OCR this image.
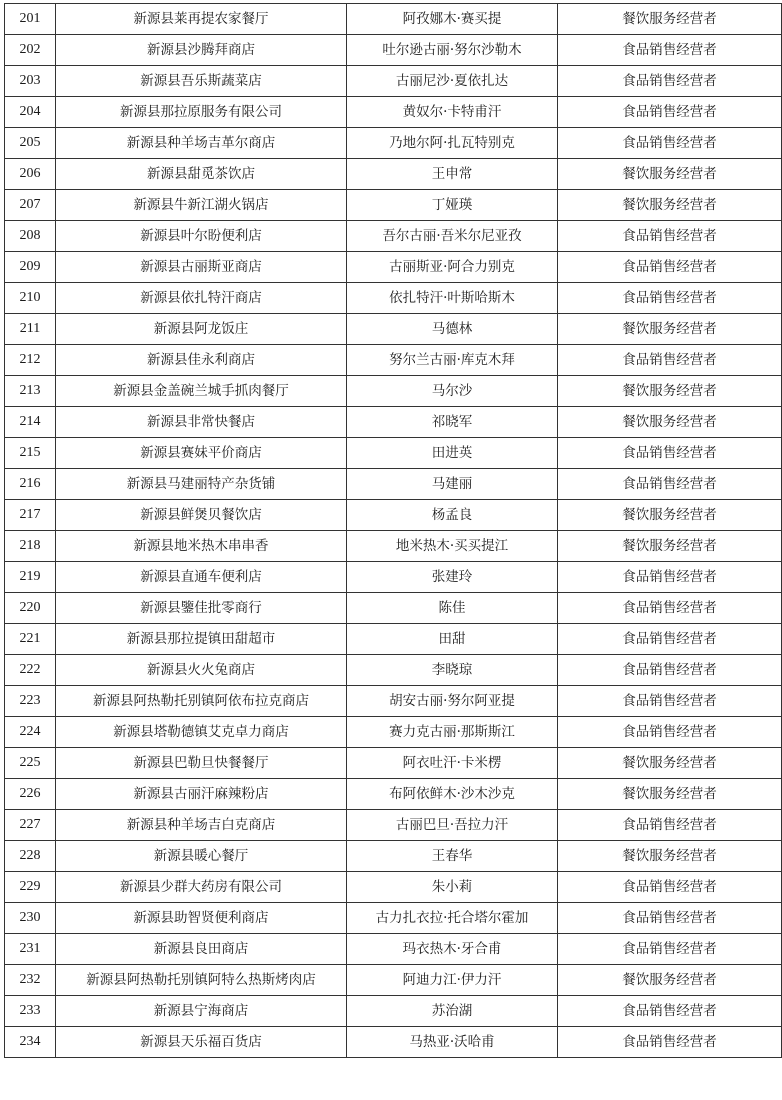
201	新源县莱再提农家餐厅	阿孜娜木·赛买提	餐饮服务经营者
202	新源县沙腾拜商店	吐尔逊古丽·努尔沙勒木	食品销售经营者
203	新源县吾乐斯蔬菜店	古丽尼沙·夏依扎达	食品销售经营者
204	新源县那拉原服务有限公司	黄奴尔·卡特甫汗	食品销售经营者
205	新源县种羊场吉革尔商店	乃地尔阿·扎瓦特别克	食品销售经营者
206	新源县甜觅茶饮店	王申常	餐饮服务经营者
207	新源县牛新江湖火锅店	丁娅瑛	餐饮服务经营者
208	新源县叶尔盼便利店	吾尔古丽·吾米尔尼亚孜	食品销售经营者
209	新源县古丽斯亚商店	古丽斯亚·阿合力别克	食品销售经营者
210	新源县依扎特汗商店	依扎特汗·叶斯哈斯木	食品销售经营者
211	新源县阿龙饭庄	马德林	餐饮服务经营者
212	新源县佳永利商店	努尔兰古丽·库克木拜	食品销售经营者
213	新源县金盖碗兰城手抓肉餐厅	马尔沙	餐饮服务经营者
214	新源县非常快餐店	祁晓军	餐饮服务经营者
215	新源县赛妹平价商店	田进英	食品销售经营者
216	新源县马建丽特产杂货铺	马建丽	食品销售经营者
217	新源县鲜煲贝餐饮店	杨孟良	餐饮服务经营者
218	新源县地米热木串串香	地米热木·买买提江	餐饮服务经营者
219	新源县直通车便利店	张建玲	食品销售经营者
220	新源县鑒佳批零商行	陈佳	食品销售经营者
221	新源县那拉提镇田甜超市	田甜	食品销售经营者
222	新源县火火兔商店	李晓琼	食品销售经营者
223	新源县阿热勒托别镇阿依布拉克商店	胡安古丽·努尔阿亚提	食品销售经营者
224	新源县塔勒德镇艾克卓力商店	赛力克古丽·那斯斯江	食品销售经营者
225	新源县巴勒旦快餐餐厅	阿衣吐汗·卡米楞	餐饮服务经营者
226	新源县古丽汗麻辣粉店	布阿依鲜木·沙木沙克	餐饮服务经营者
227	新源县种羊场吉白克商店	古丽巴旦·吾拉力汗	食品销售经营者
228	新源县暖心餐厅	王春华	餐饮服务经营者
229	新源县少群大药房有限公司	朱小莉	食品销售经营者
230	新源县助智贤便利商店	古力扎衣拉·托合塔尔霍加	食品销售经营者
231	新源县良田商店	玛衣热木·牙合甫	食品销售经营者
232	新源县阿热勒托别镇阿特么热斯烤肉店	阿迪力江·伊力汗	餐饮服务经营者
233	新源县宁海商店	苏治湖	食品销售经营者
234	新源县天乐福百货店	马热亚·沃哈甫	食品销售经营者
